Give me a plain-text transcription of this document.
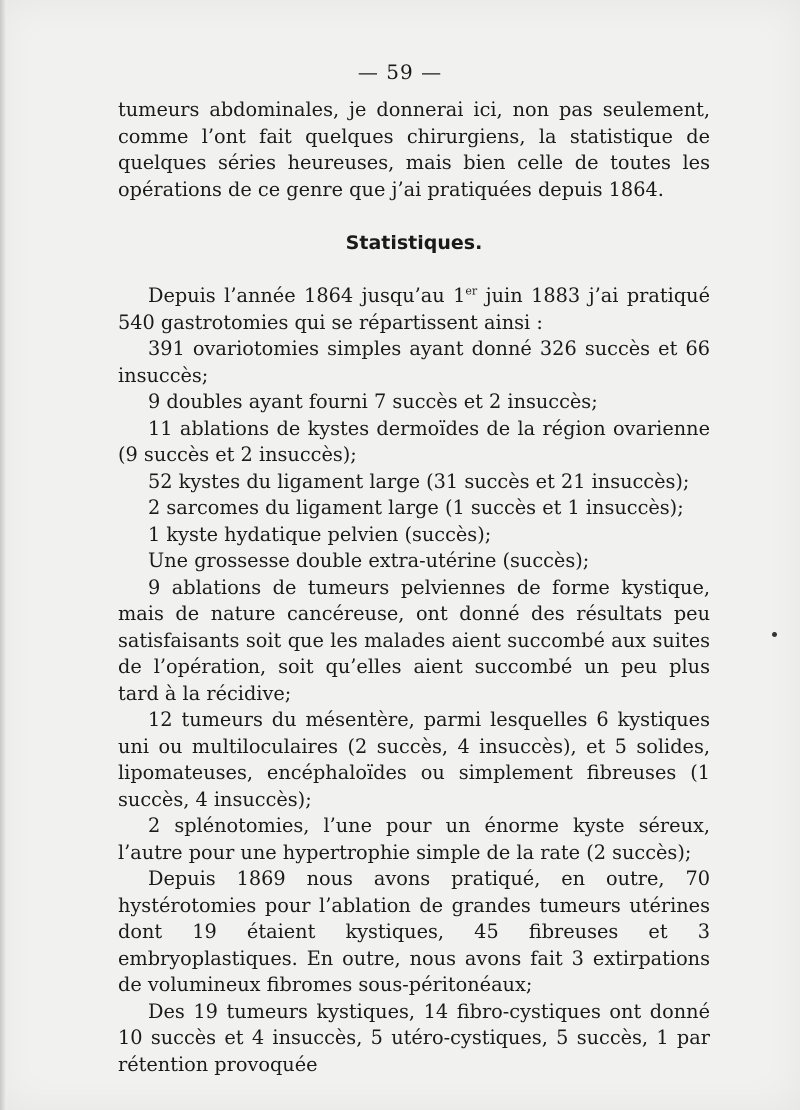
— 59 —

tumeurs abdominales, je donnerai ici, non pas seulement, comme l’ont fait quelques chirurgiens, la statistique de quelques séries heureuses, mais bien celle de toutes les opérations de ce genre que j’ai pratiquées depuis 1864.

Statistiques.

Depuis l’année 1864 jusqu’au 1er juin 1883 j’ai pratiqué 540 gastrotomies qui se répartissent ainsi :

391 ovariotomies simples ayant donné 326 succès et 66 insuccès;

9 doubles ayant fourni 7 succès et 2 insuccès;

11 ablations de kystes dermoïdes de la région ovarienne (9 succès et 2 insuccès);

52 kystes du ligament large (31 succès et 21 insuccès);

2 sarcomes du ligament large (1 succès et 1 insuccès);

1 kyste hydatique pelvien (succès);

Une grossesse double extra-utérine (succès);

9 ablations de tumeurs pelviennes de forme kystique, mais de nature cancéreuse, ont donné des résultats peu satisfaisants soit que les malades aient succombé aux suites de l’opération, soit qu’elles aient succombé un peu plus tard à la récidive;

12 tumeurs du mésentère, parmi lesquelles 6 kystiques uni ou multiloculaires (2 succès, 4 insuccès), et 5 solides, lipomateuses, encéphaloïdes ou simplement fibreuses (1 succès, 4 insuccès);

2 splénotomies, l’une pour un énorme kyste séreux, l’autre pour une hypertrophie simple de la rate (2 succès);

Depuis 1869 nous avons pratiqué, en outre, 70 hystérotomies pour l’ablation de grandes tumeurs utérines dont 19 étaient kystiques, 45 fibreuses et 3 embryoplastiques. En outre, nous avons fait 3 extirpations de volumineux fibromes sous-péritonéaux;

Des 19 tumeurs kystiques, 14 fibro-cystiques ont donné 10 succès et 4 insuccès, 5 utéro-cystiques, 5 succès, 1 par rétention provoquée
